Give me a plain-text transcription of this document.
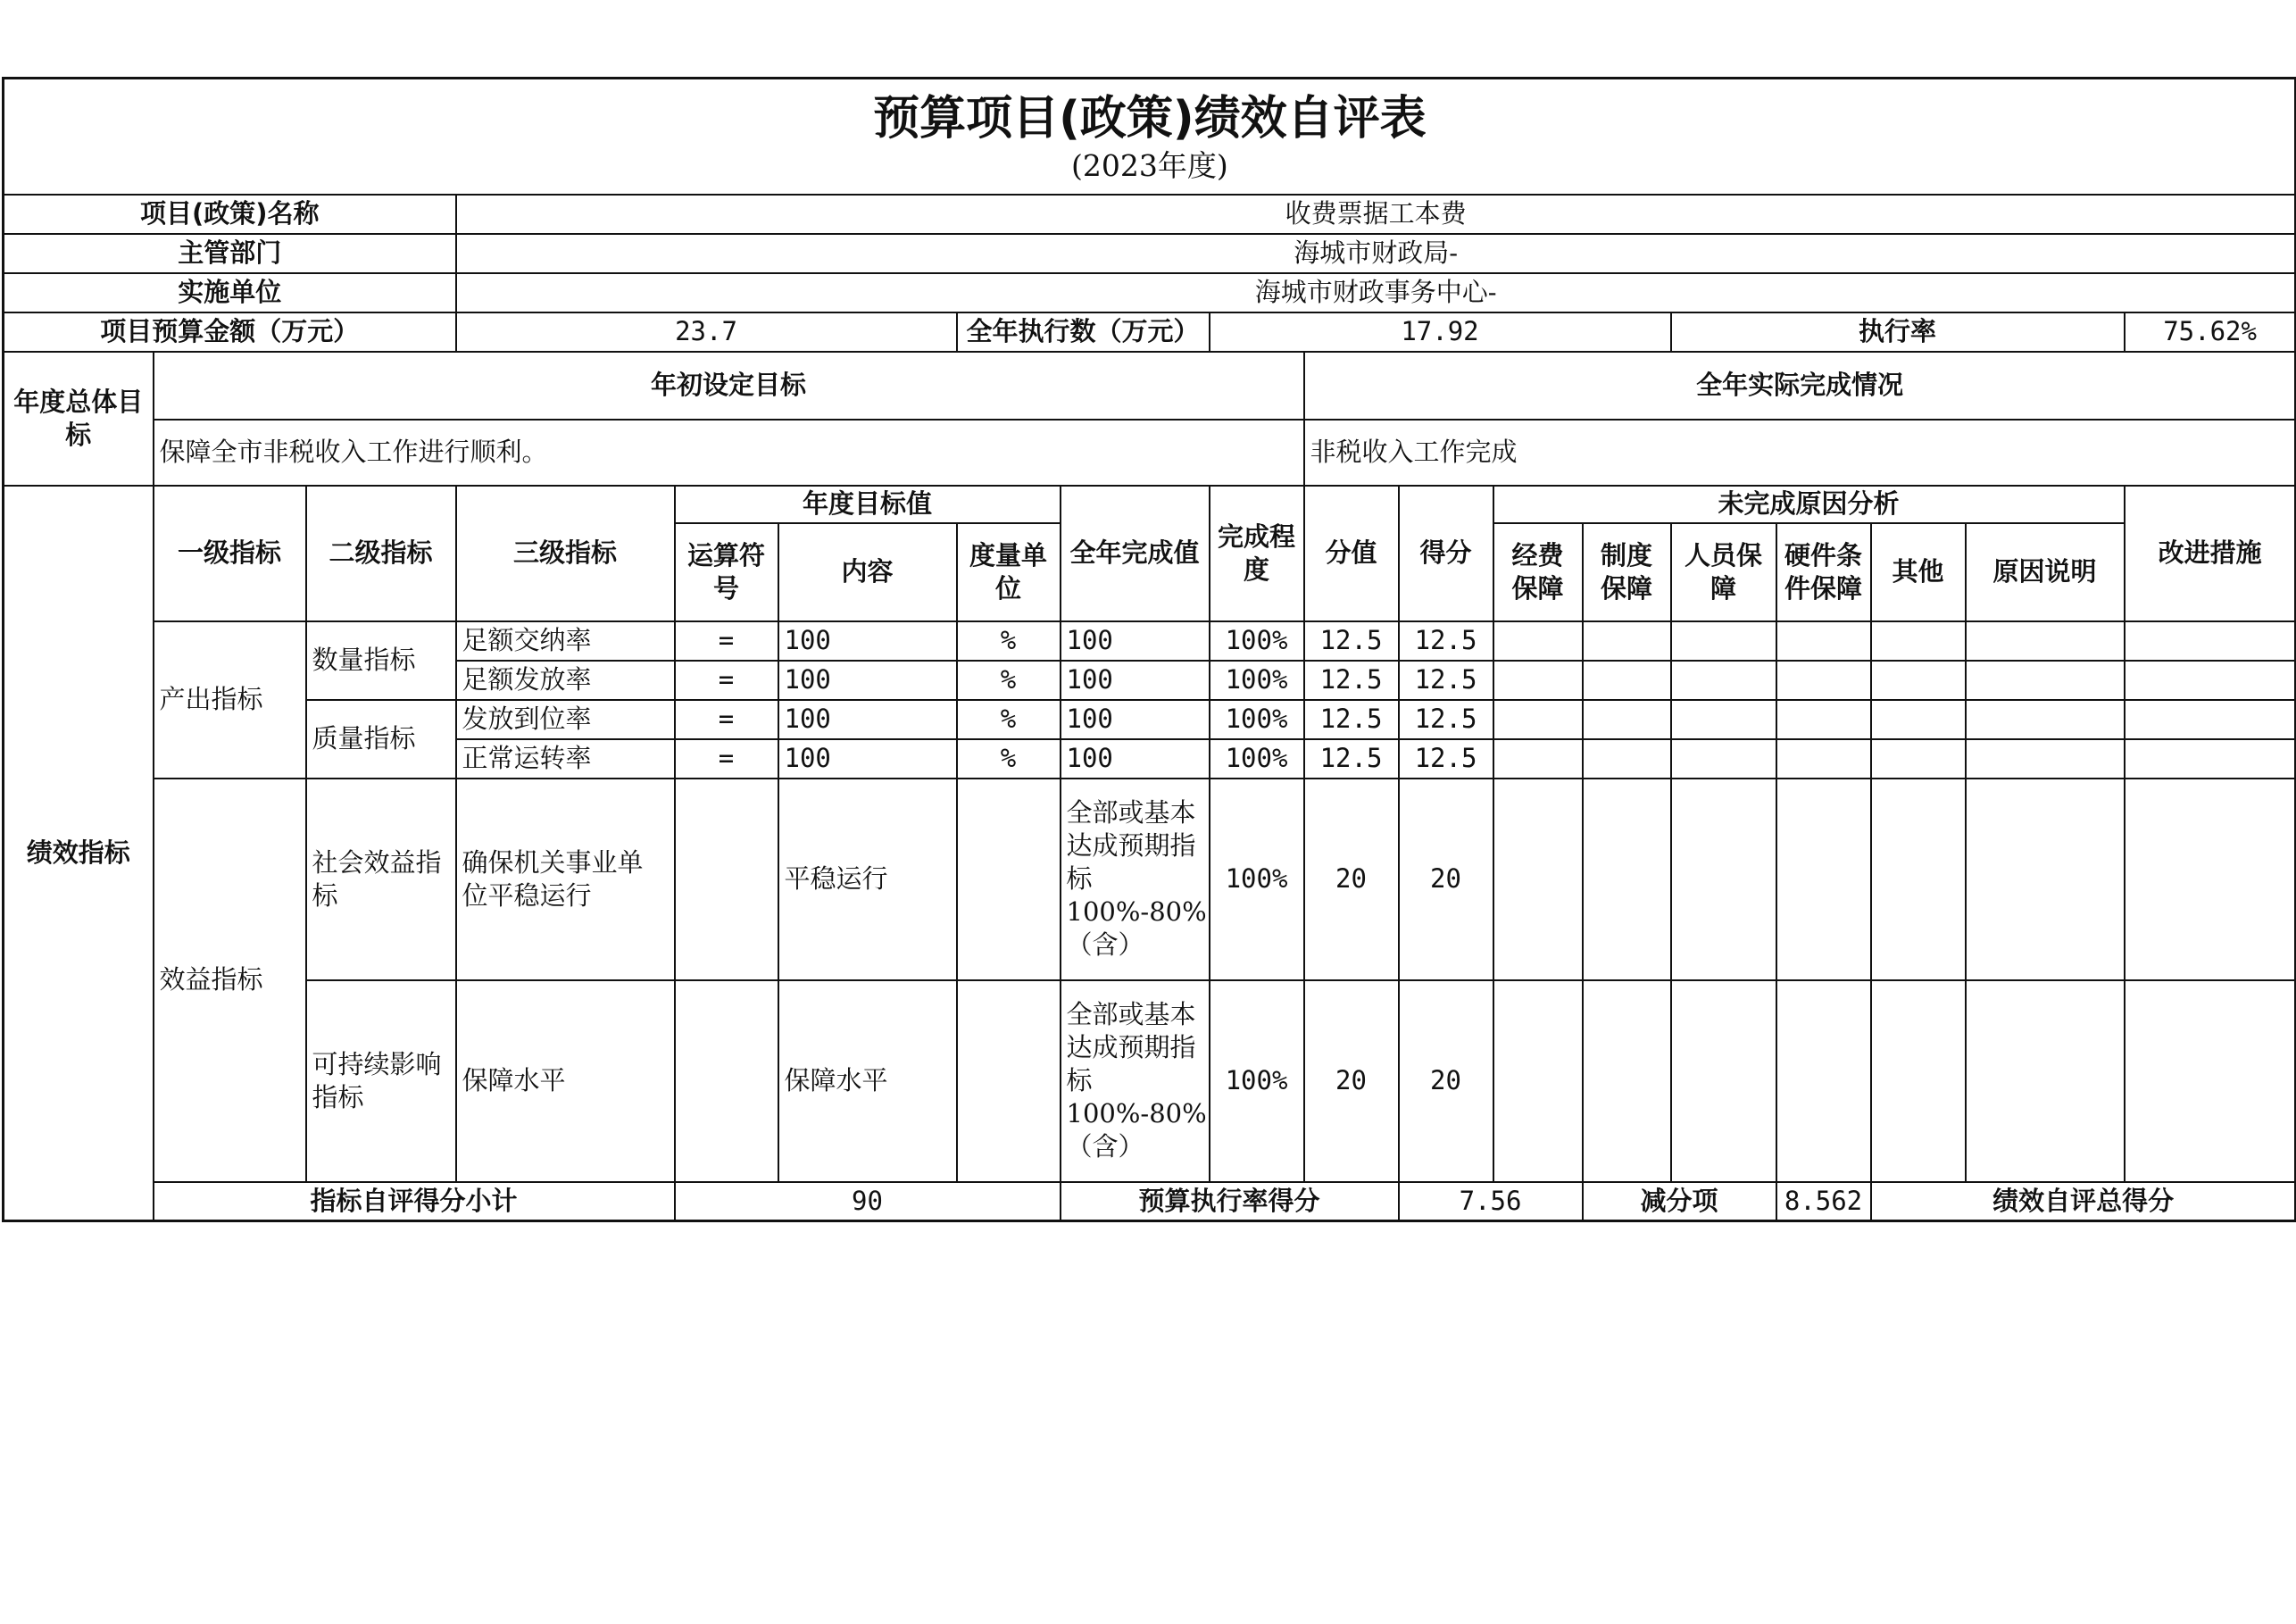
预算项目(政策)绩效自评表
(2023年度)																		

项目(政策)名称			收费票据工本费															
主管部门			海城市财政局-															
实施单位			海城市财政事务中心-															
项目预算金额（万元）			23.7			全年执行数（万元）		17.92					执行率				75.62%	
年度总体目标	年初设定目标								全年实际完成情况									
	保障全市非税收入工作进行顺利。								非税收入工作完成									
绩效指标	一级指标	二级指标	三级指标	年度目标值			全年完成值	完成程度	分值	得分	未完成原因分析						改进措施	
				运算符号	内容	度量单位					经费保障	制度保障	人员保障	硬件条件保障	其他	原因说明		
	产出指标	数量指标	足额交纳率	=	100	%	100	100%	12.5	12.5								
			足额发放率	=	100	%	100	100%	12.5	12.5								
		质量指标	发放到位率	=	100	%	100	100%	12.5	12.5								
			正常运转率	=	100	%	100	100%	12.5	12.5								
	效益指标	社会效益指标	确保机关事业单位平稳运行		平稳运行		全部或基本达成预期指标100%-80%（含）	100%	20	20								
		可持续影响指标	保障水平		保障水平		全部或基本达成预期指标100%-80%（含）	100%	20	20								
	指标自评得分小计			90			预算执行率得分			7.56		减分项		8.562	绩效自评总得分	
